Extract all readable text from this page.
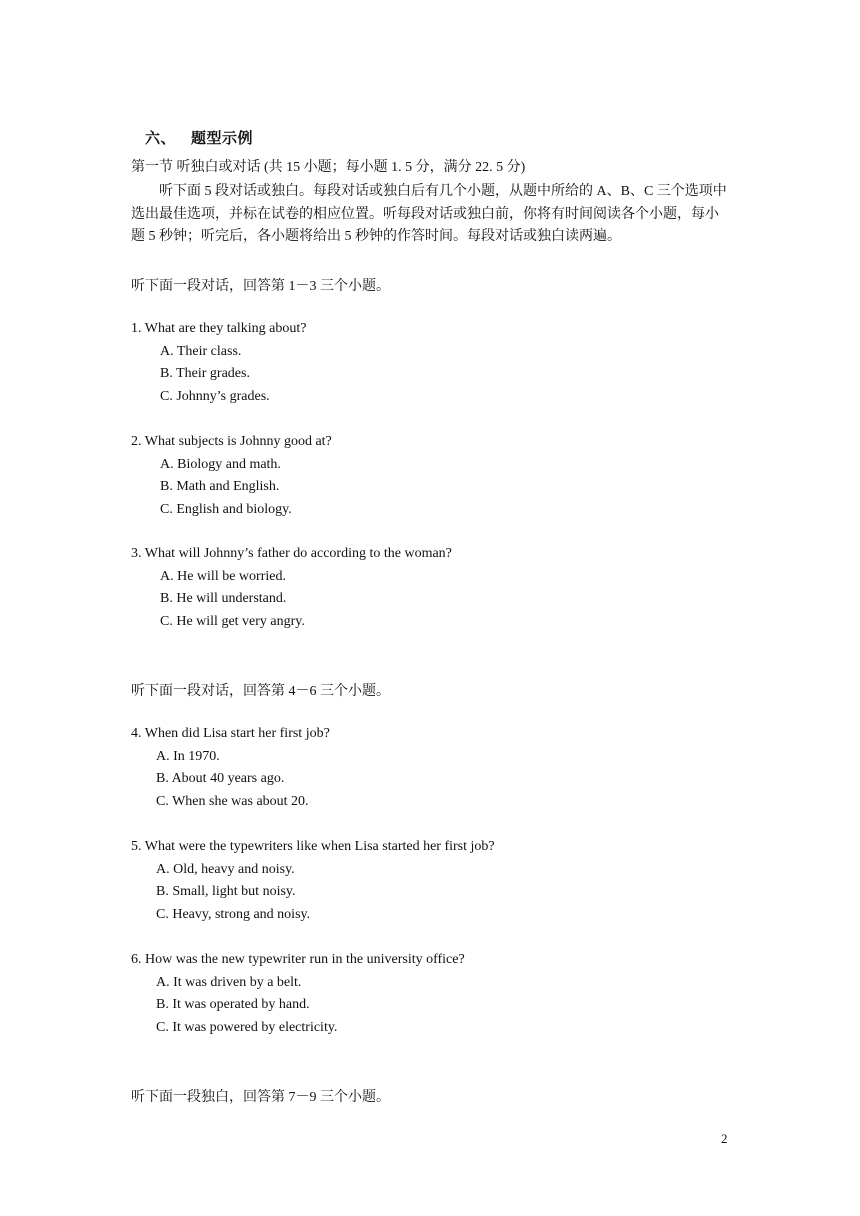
六、 题型示例
第一节 听独白或对话 (共 15 小题；每小题 1. 5 分，满分 22. 5 分)
听下面 5 段对话或独白。每段对话或独白后有几个小题，从题中所给的 A、B、C 三个选项中选出最佳选项，并标在试卷的相应位置。听每段对话或独白前，你将有时间阅读各个小题，每小题 5 秒钟；听完后，各小题将给出 5 秒钟的作答时间。每段对话或独白读两遍。
听下面一段对话，回答第 1－3 三个小题。
1. What are they talking about?
A. Their class.
B. Their grades.
C. Johnny’s grades.
2. What subjects is Johnny good at?
A. Biology and math.
B. Math and English.
C. English and biology.
3. What will Johnny’s father do according to the woman?
A. He will be worried.
B. He will understand.
C. He will get very angry.
听下面一段对话，回答第 4－6 三个小题。
4. When did Lisa start her first job?
A. In 1970.
B. About 40 years ago.
C. When she was about 20.
5. What were the typewriters like when Lisa started her first job?
A. Old, heavy and noisy.
B. Small, light but noisy.
C. Heavy, strong and noisy.
6. How was the new typewriter run in the university office?
A. It was driven by a belt.
B. It was operated by hand.
C. It was powered by electricity.
听下面一段独白，回答第 7－9 三个小题。
2
